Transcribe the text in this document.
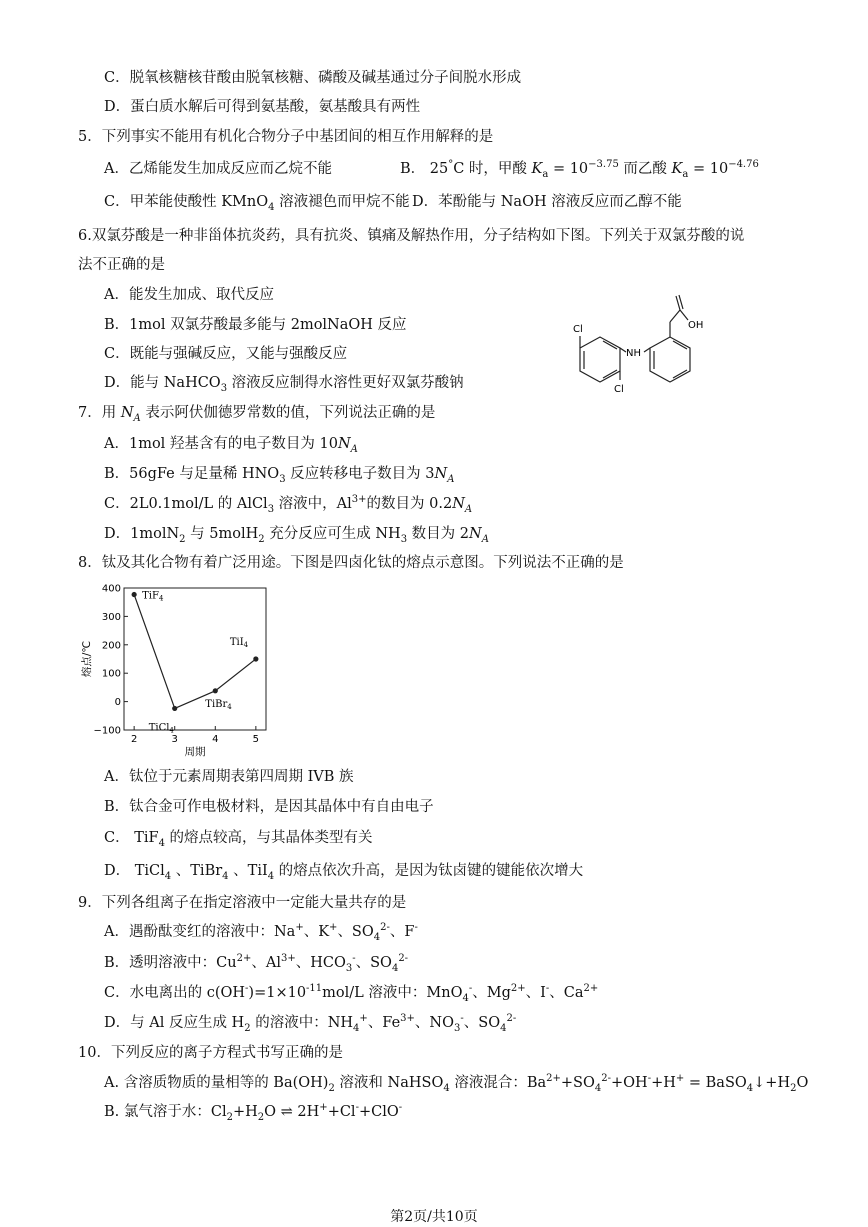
C．脱氧核糖核苷酸由脱氧核糖、磷酸及碱基通过分子间脱水形成
D．蛋白质水解后可得到氨基酸，氨基酸具有两性
5．下列事实不能用有机化合物分子中基团间的相互作用解释的是
A．乙烯能发生加成反应而乙烷不能	B． 25°C 时，甲酸 $K_a = 10^{-3.75}$ 而乙酸 $K_a = 10^{-4.76}$
C．甲苯能使酸性 KMnO$_4$ 溶液褪色而甲烷不能 D．苯酚能与 NaOH 溶液反应而乙醇不能
6.双氯芬酸是一种非甾体抗炎药，具有抗炎、镇痛及解热作用，分子结构如下图。下列关于双氯芬酸的说
法不正确的是
A．能发生加成、取代反应
B．1mol 双氯芬酸最多能与 2molNaOH 反应
C．既能与强碱反应，又能与强酸反应
D．能与 NaHCO$_3$ 溶液反应制得水溶性更好双氯芬酸钠
Cl
NH
Cl
OH
7．用 $N_A$ 表示阿伏伽德罗常数的值，下列说法正确的是
A．1mol 羟基含有的电子数目为 $10N_A$
B．56gFe 与足量稀 $HNO_3$ 反应转移电子数目为 $3N_A$
C．2L0.1mol/L 的 AlCl$_3$ 溶液中，$Al^{3+}$的数目为 $0.2N_A$
D．1molN$_2$ 与 5molH$_2$ 充分反应可生成 $NH_3$ 数目为 $2N_A$
8．钛及其化合物有着广泛用途。下图是四卤化钛的熔点示意图。下列说法不正确的是
400
300
200
100
0
−100
2	3	4	5
周期
熔点/℃
TiF$_4$
TiCl$_4$
TiBr$_4$
TiI$_4$
A．钛位于元素周期表第四周期 IVB 族
B．钛合金可作电极材料，是因其晶体中有自由电子
C． TiF$_4$ 的熔点较高，与其晶体类型有关
D． TiCl$_4$ 、TiBr$_4$ 、TiI$_4$ 的熔点依次升高，是因为钛卤键的键能依次增大
9．下列各组离子在指定溶液中一定能大量共存的是
A．遇酚酞变红的溶液中：Na+、K+、$SO_4^{2-}$、F-
B．透明溶液中：$Cu^{2+}$、$Al^{3+}$、$HCO_3^-$、$SO_4^{2-}$
C．水电离出的 $c(OH^-)=1\times 10^{-11}mol/L$ 溶液中：MnO$_4$-、$Mg^{2+}$、I-、$Ca^{2+}$
D．与 Al 反应生成 $H_2$ 的溶液中：$NH_4^+$、$Fe^{3+}$、$NO_3^-$、$SO_4^{2-}$
10．下列反应的离子方程式书写正确的是
A. 含溶质物质的量相等的 $Ba(OH)_2$ 溶液和 NaHSO$_4$ 溶液混合：$Ba^{2+}+SO_4^{2-}+OH^-+H^+$ = $BaSO_4↓+H_2O$
B. 氯气溶于水：$Cl_2+H_2O$ ⇌ 2H++Cl-+ClO-
第2页/共10页
